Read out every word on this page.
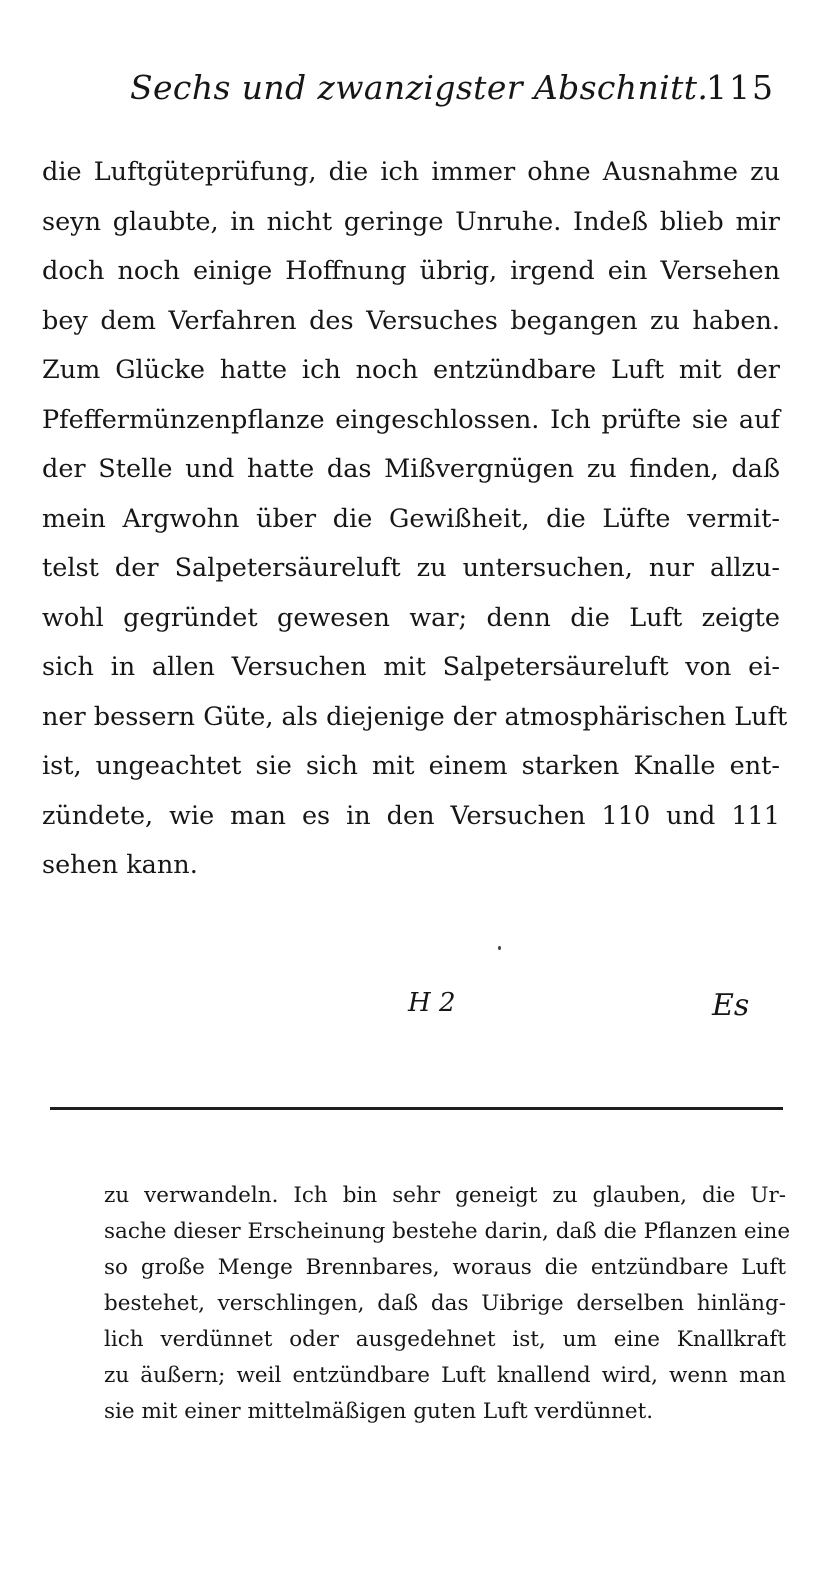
Sechs und zwanzigster Abschnitt.
115
die Luftgüteprüfung, die ich immer ohne Ausnahme zu
seyn glaubte, in nicht geringe Unruhe. Indeß blieb mir
doch noch einige Hoffnung übrig, irgend ein Versehen
bey dem Verfahren des Versuches begangen zu haben.
Zum Glücke hatte ich noch entzündbare Luft mit der
Pfeffermünzenpflanze eingeschlossen. Ich prüfte sie auf
der Stelle und hatte das Mißvergnügen zu finden, daß
mein Argwohn über die Gewißheit, die Lüfte vermit-
telst der Salpetersäureluft zu untersuchen, nur allzu-
wohl gegründet gewesen war; denn die Luft zeigte
sich in allen Versuchen mit Salpetersäureluft von ei-
ner bessern Güte, als diejenige der atmosphärischen Luft
ist, ungeachtet sie sich mit einem starken Knalle ent-
zündete, wie man es in den Versuchen 110 und 111
sehen kann.
H 2	Es
zu verwandeln. Ich bin sehr geneigt zu glauben, die Ur-
sache dieser Erscheinung bestehe darin, daß die Pflanzen eine
so große Menge Brennbares, woraus die entzündbare Luft
bestehet, verschlingen, daß das Uibrige derselben hinläng-
lich verdünnet oder ausgedehnet ist, um eine Knallkraft
zu äußern; weil entzündbare Luft knallend wird, wenn man
sie mit einer mittelmäßigen guten Luft verdünnet.
